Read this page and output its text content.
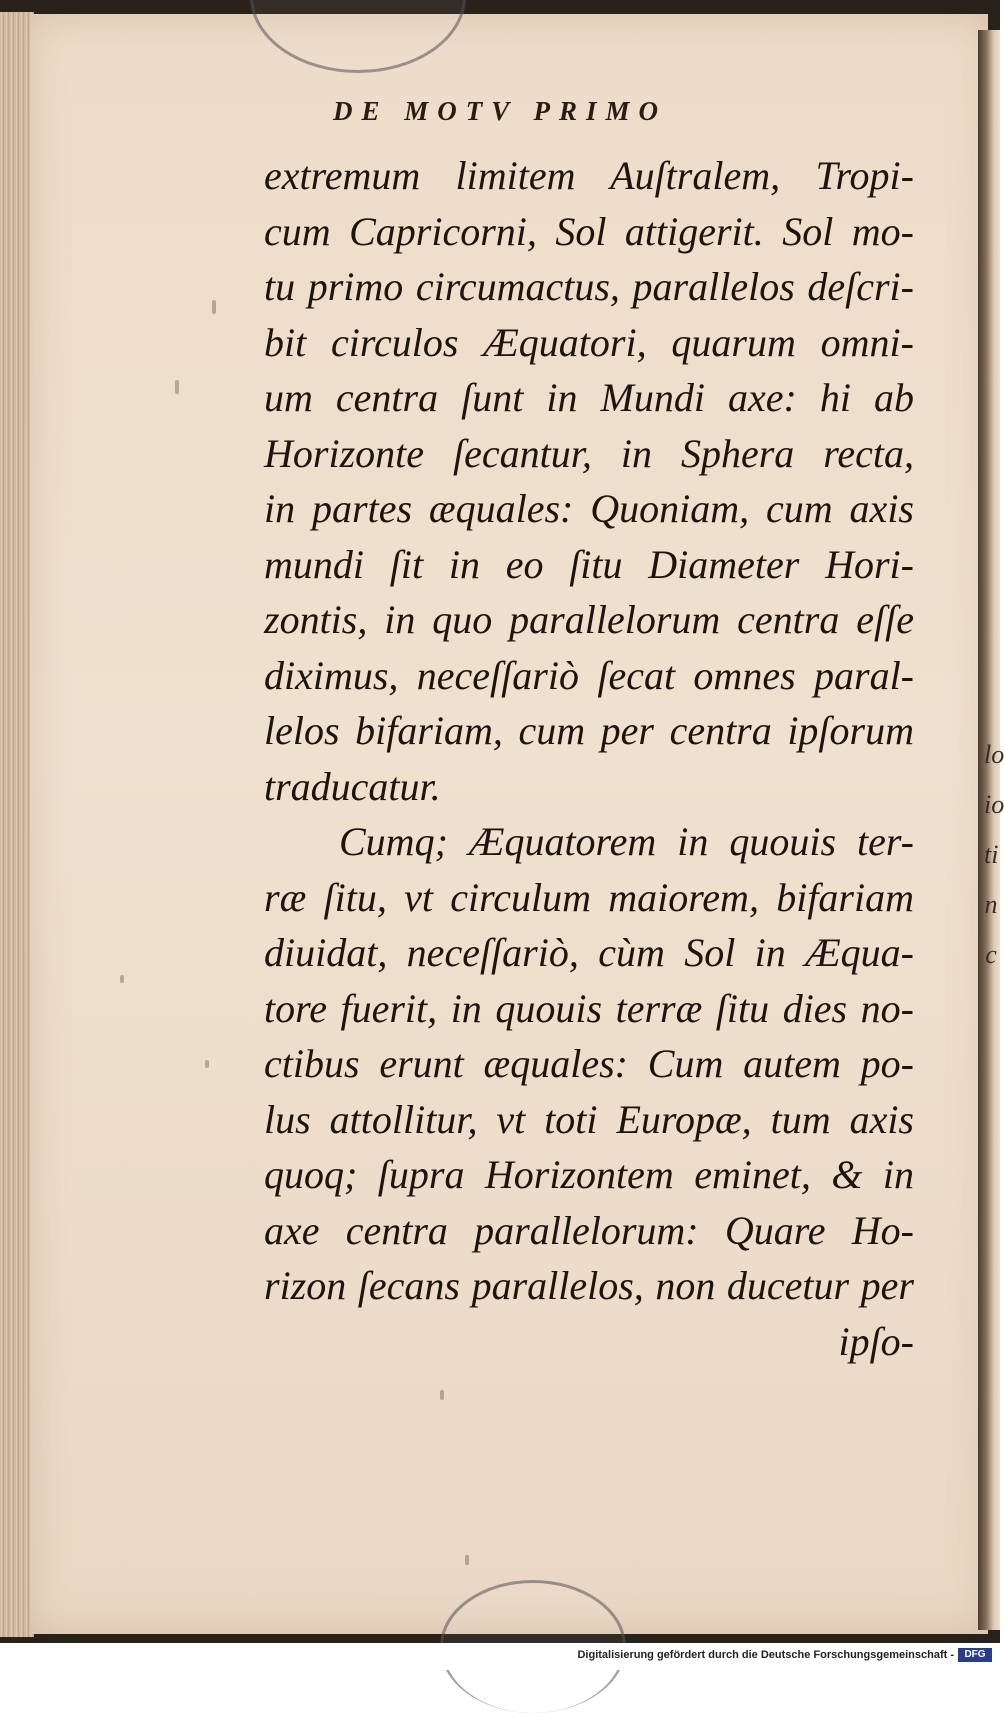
lo
io
ti
n
c
DE MOTV PRIMO
extremum limitem Auſtralem, Tropi-
cum Capricorni, Sol attigerit. Sol mo-
tu primo circumactus, parallelos deſcri-
bit circulos Æquatori, quarum omni-
um centra ſunt in Mundi axe: hi ab
Horizonte ſecantur, in Sphera recta,
in partes æquales: Quoniam, cum axis
mundi ſit in eo ſitu Diameter Hori-
zontis, in quo parallelorum centra eſſe
diximus, neceſſariò ſecat omnes paral-
lelos bifariam, cum per centra ipſorum
traducatur.
Cumq; Æquatorem in quouis ter-
ræ ſitu, vt circulum maiorem, bifariam
diuidat, neceſſariò, cùm Sol in Æqua-
tore fuerit, in quouis terræ ſitu dies no-
ctibus erunt æquales: Cum autem po-
lus attollitur, vt toti Europæ, tum axis
quoq; ſupra Horizontem eminet, & in
axe centra parallelorum: Quare Ho-
rizon ſecans parallelos, non ducetur per
ipſo-
Digitalisierung gefördert durch die Deutsche Forschungsgemeinschaft -	DFG
